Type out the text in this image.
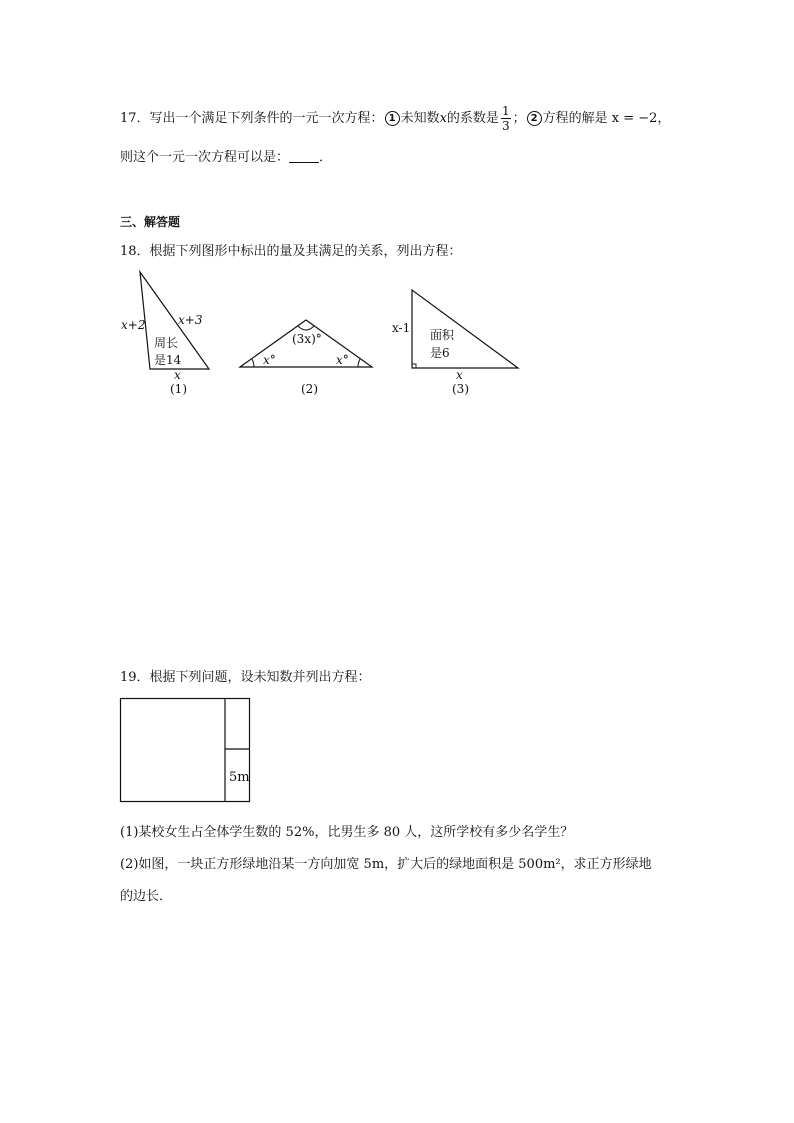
17．写出一个满足下列条件的一元一次方程： 1 未知数x的系数是 $\frac{1}{3}$ ； 2 方程的解是 x = −2，
则这个一元一次方程可以是： ．
三、解答题
18．根据下列图形中标出的量及其满足的关系，列出方程：
x+2	x+3
周长
是14
x
(1)
(3x)°
x°	x°
(2)
x-1 面积
是6
x
(3)
19．根据下列问题，设未知数并列出方程：
5m
(1)某校女生占全体学生数的 52%，比男生多 80 人，这所学校有多少名学生？
(2)如图，一块正方形绿地沿某一方向加宽 5m，扩大后的绿地面积是 500m²，求正方形绿地
的边长．
